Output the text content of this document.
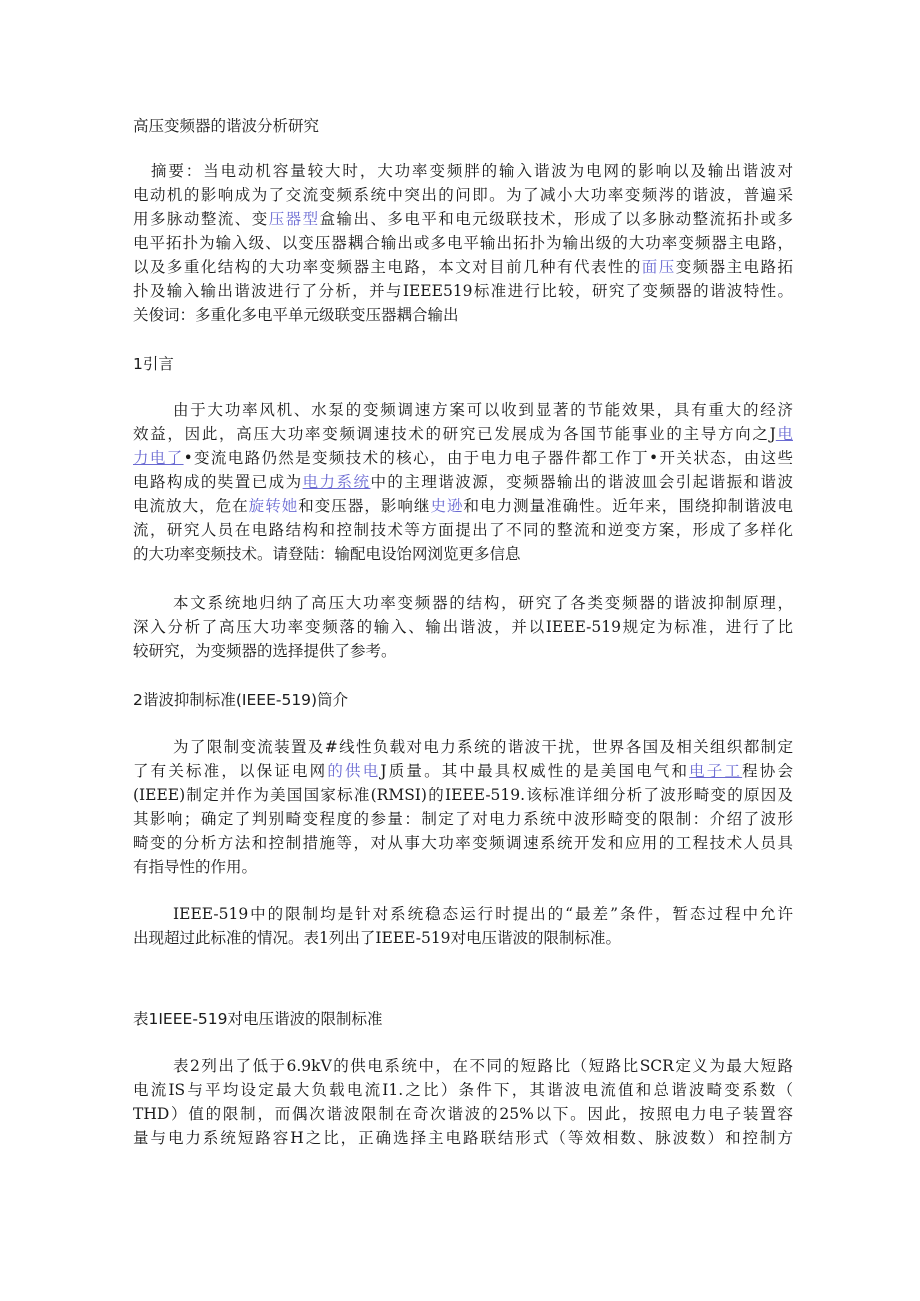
高压变频器的谐波分析研究
摘要：当电动机容量较大时，大功率变频胖的输入谐波为电网的影响以及输出谐波对
电动机的影响成为了交流变频系统中突出的问即。为了减小大功率变频涔的谐波，普遍采
用多脉动整流、变压器型盒输出、多电平和电元级联技术，形成了以多脉动整流拓扑或多
电平拓扑为输入级、以变压器耦合输出或多电平输出拓扑为输出级的大功率变频器主电路，
以及多重化结构的大功率变频器主电路，本文对目前几种有代表性的面压变频器主电路拓
扑及输入输出谐波进行了分析，并与IEEE519标准进行比较，研究了变频器的谐波特性。
关俊词：多重化多电平单元级联变压器耦合输出
1引言
由于大功率风机、水泵的变频调速方案可以收到显著的节能效果，具有重大的经济
效益，因此，高压大功率变频调速技术的研究已发展成为各国节能事业的主导方向之J电
力电了•变流电路仍然是变频技术的核心，由于电力电子器件都工作丁•开关状态，由这些
电路构成的奘置已成为电力系统中的主理谐波源，变频器输出的谐波皿会引起谐振和谐波
电流放大，危在旋转她和变压器，影响继史逊和电力测量准确性。近年来，围绕抑制谐波电
流，研究人员在电路结构和控制技术等方面提出了不同的整流和逆变方案，形成了多样化
的大功率变频技术。请登陆：输配电设饴网浏览更多信息
本文系统地归纳了高压大功率变频器的结构，研究了各类变频器的谐波抑制原理，
深入分析了高压大功率变频落的输入、输出谐波，并以IEEE-519规定为标准，进行了比
较研究，为变频器的选择提供了参考。
2谐波抑制标准(IEEE-519)筒介
为了限制变流装置及#线性负载对电力系统的谐波干扰，世界各国及相关组织都制定
了有关标准，以保证电网的供电J质量。其中最具权威性的是美国电气和电子工程协会
(IEEE)制定并作为美国国家标准(RMSI)的IEEE-519.该标准详细分析了波形畸变的原因及
其影响；确定了判别畸变程度的参量：制定了对电力系统中波形畸变的限制：介绍了波形
畸变的分析方法和控制措施等，对从事大功率变频调速系统开发和应用的工程技术人员具
有指导性的作用。
IEEE-519中的限制均是针对系统稳态运行时提出的“最差”条件，暂态过程中允许
出现超过此标准的情况。表1列出了IEEE-519对电压谐波的限制标准。
表1IEEE-519对电压谐波的限制标准
表2列出了低于6.9kV的供电系统中，在不同的短路比（短路比SCR定义为最大短路
电流IS与平均设定最大负载电流I1.之比）条件下，其谐波电流值和总谐波畸变系数（
THD）值的限制，而偶次谐波限制在奇次谐波的25%以下。因此，按照电力电子装置容
量与电力系统短路容H之比，正确选择主电路联结形式（等效相数、脉波数）和控制方
